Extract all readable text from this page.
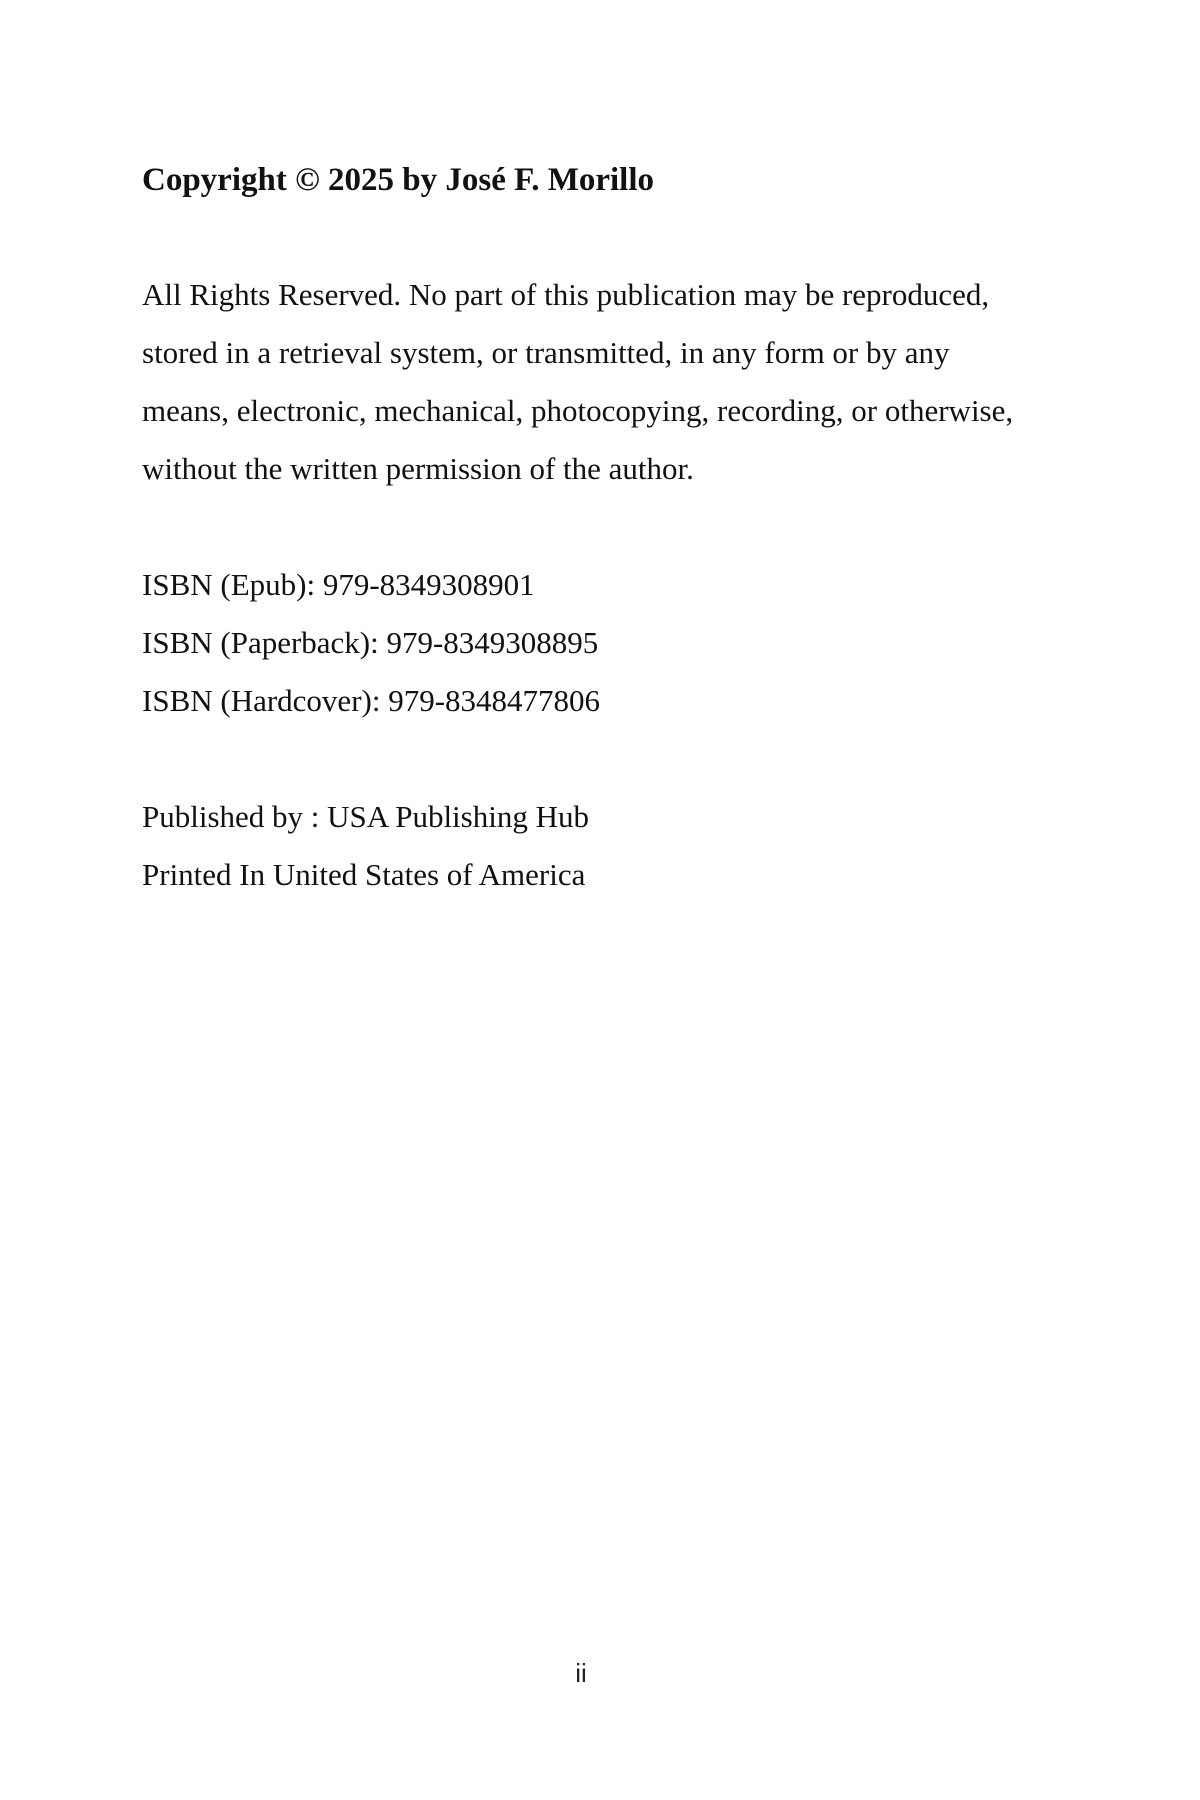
Copyright © 2025 by José F. Morillo

All Rights Reserved. No part of this publication may be reproduced,
stored in a retrieval system, or transmitted, in any form or by any
means, electronic, mechanical, photocopying, recording, or otherwise,
without the written permission of the author.

ISBN (Epub): 979-8349308901
ISBN (Paperback): 979-8349308895
ISBN (Hardcover): 979-8348477806

Published by : USA Publishing Hub
Printed In United States of America

ii
